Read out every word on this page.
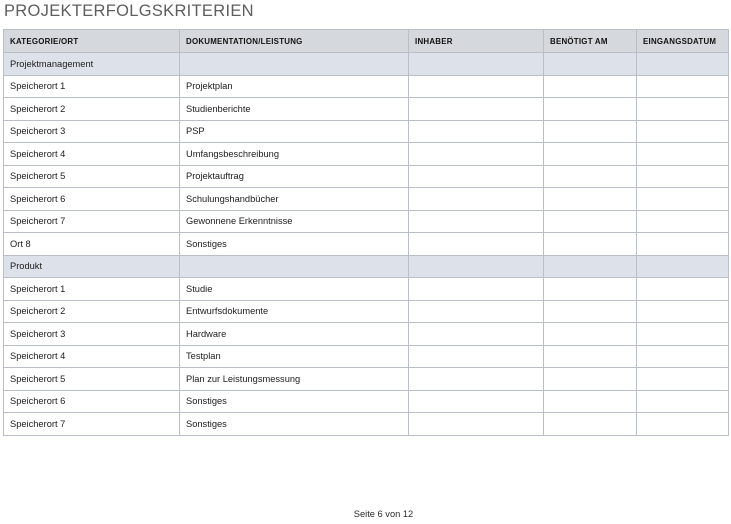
PROJEKTERFOLGSKRITERIEN
KATEGORIE/ORT	DOKUMENTATION/LEISTUNG	INHABER	BENÖTIGT AM	EINGANGSDATUM
Projektmanagement				
Speicherort 1	Projektplan			
Speicherort 2	Studienberichte			
Speicherort 3	PSP			
Speicherort 4	Umfangsbeschreibung			
Speicherort 5	Projektauftrag			
Speicherort 6	Schulungshandbücher			
Speicherort 7	Gewonnene Erkenntnisse			
Ort 8	Sonstiges			
Produkt				
Speicherort 1	Studie			
Speicherort 2	Entwurfsdokumente			
Speicherort 3	Hardware			
Speicherort 4	Testplan			
Speicherort 5	Plan zur Leistungsmessung			
Speicherort 6	Sonstiges			
Speicherort 7	Sonstiges			
Seite 6 von 12
